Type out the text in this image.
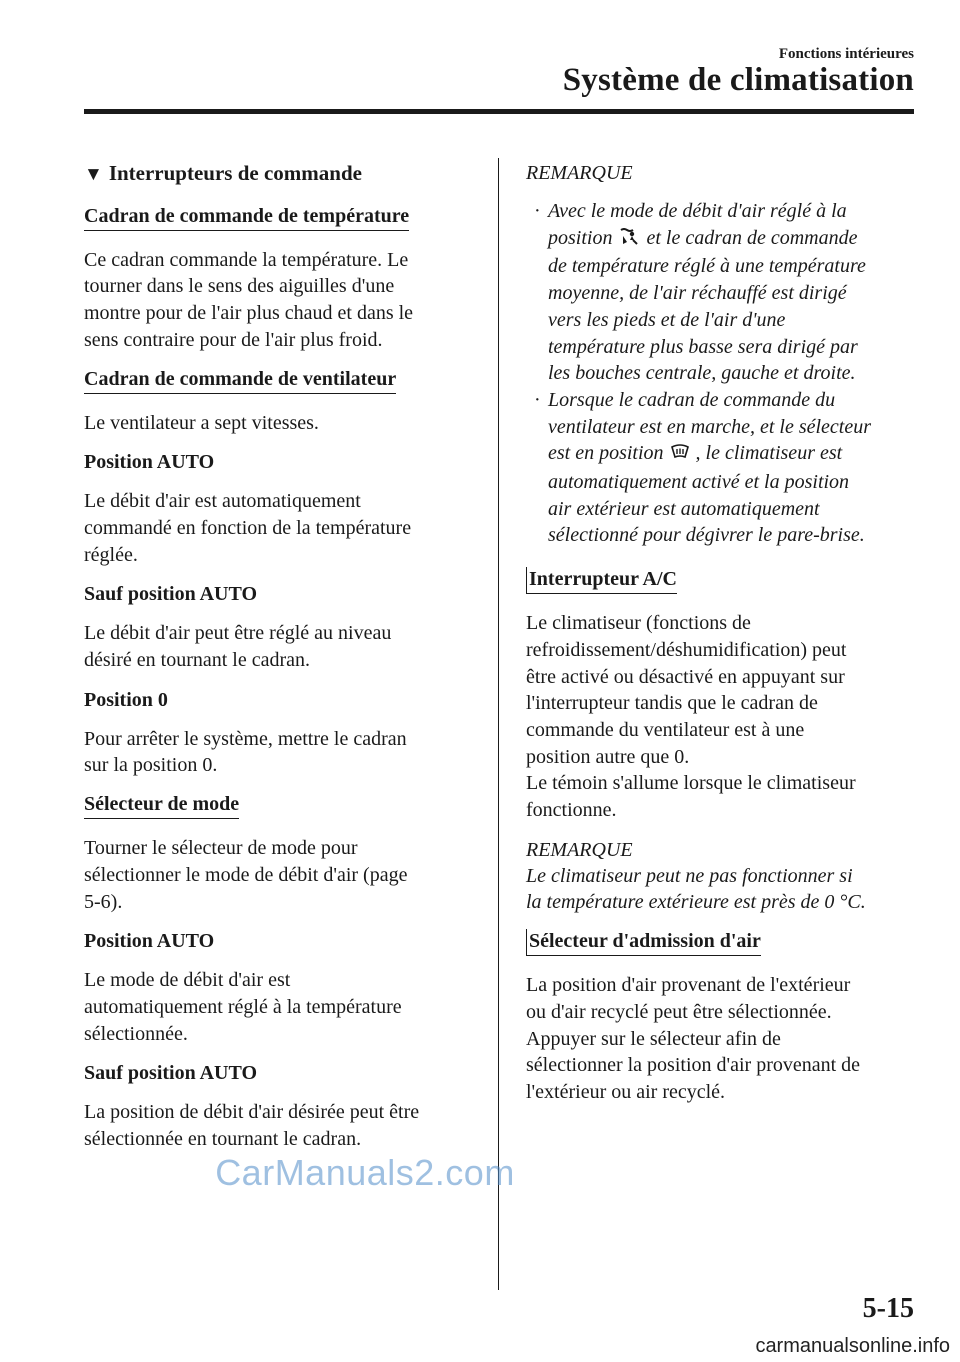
Fonctions intérieures
Système de climatisation
▼ Interrupteurs de commande
Cadran de commande de température

Ce cadran commande la température. Le
tourner dans le sens des aiguilles d'une
montre pour de l'air plus chaud et dans le
sens contraire pour de l'air plus froid.

Cadran de commande de ventilateur

Le ventilateur a sept vitesses.

Position AUTO

Le débit d'air est automatiquement
commandé en fonction de la température
réglée.

Sauf position AUTO

Le débit d'air peut être réglé au niveau
désiré en tournant le cadran.

Position 0

Pour arrêter le système, mettre le cadran
sur la position 0.

Sélecteur de mode

Tourner le sélecteur de mode pour
sélectionner le mode de débit d'air (page
5-6).

Position AUTO

Le mode de débit d'air est
automatiquement réglé à la température
sélectionnée.

Sauf position AUTO

La position de débit d'air désirée peut être
sélectionnée en tournant le cadran.

REMARQUE
· Avec le mode de débit d'air réglé à la
position et le cadran de commande
de température réglé à une température
moyenne, de l'air réchauffé est dirigé
vers les pieds et de l'air d'une
température plus basse sera dirigé par
les bouches centrale, gauche et droite.
· Lorsque le cadran de commande du
ventilateur est en marche, et le sélecteur
est en position , le climatiseur est
automatiquement activé et la position
air extérieur est automatiquement
sélectionné pour dégivrer le pare-brise.
Interrupteur A/C

Le climatiseur (fonctions de
refroidissement/déshumidification) peut
être activé ou désactivé en appuyant sur
l'interrupteur tandis que le cadran de
commande du ventilateur est à une
position autre que 0.
Le témoin s'allume lorsque le climatiseur
fonctionne.

REMARQUE

Le climatiseur peut ne pas fonctionner si
la température extérieure est près de 0 °C.

Sélecteur d'admission d'air

La position d'air provenant de l'extérieur
ou d'air recyclé peut être sélectionnée.
Appuyer sur le sélecteur afin de
sélectionner la position d'air provenant de
l'extérieur ou air recyclé.

CarManuals2.com
5-15
carmanualsonline.info
